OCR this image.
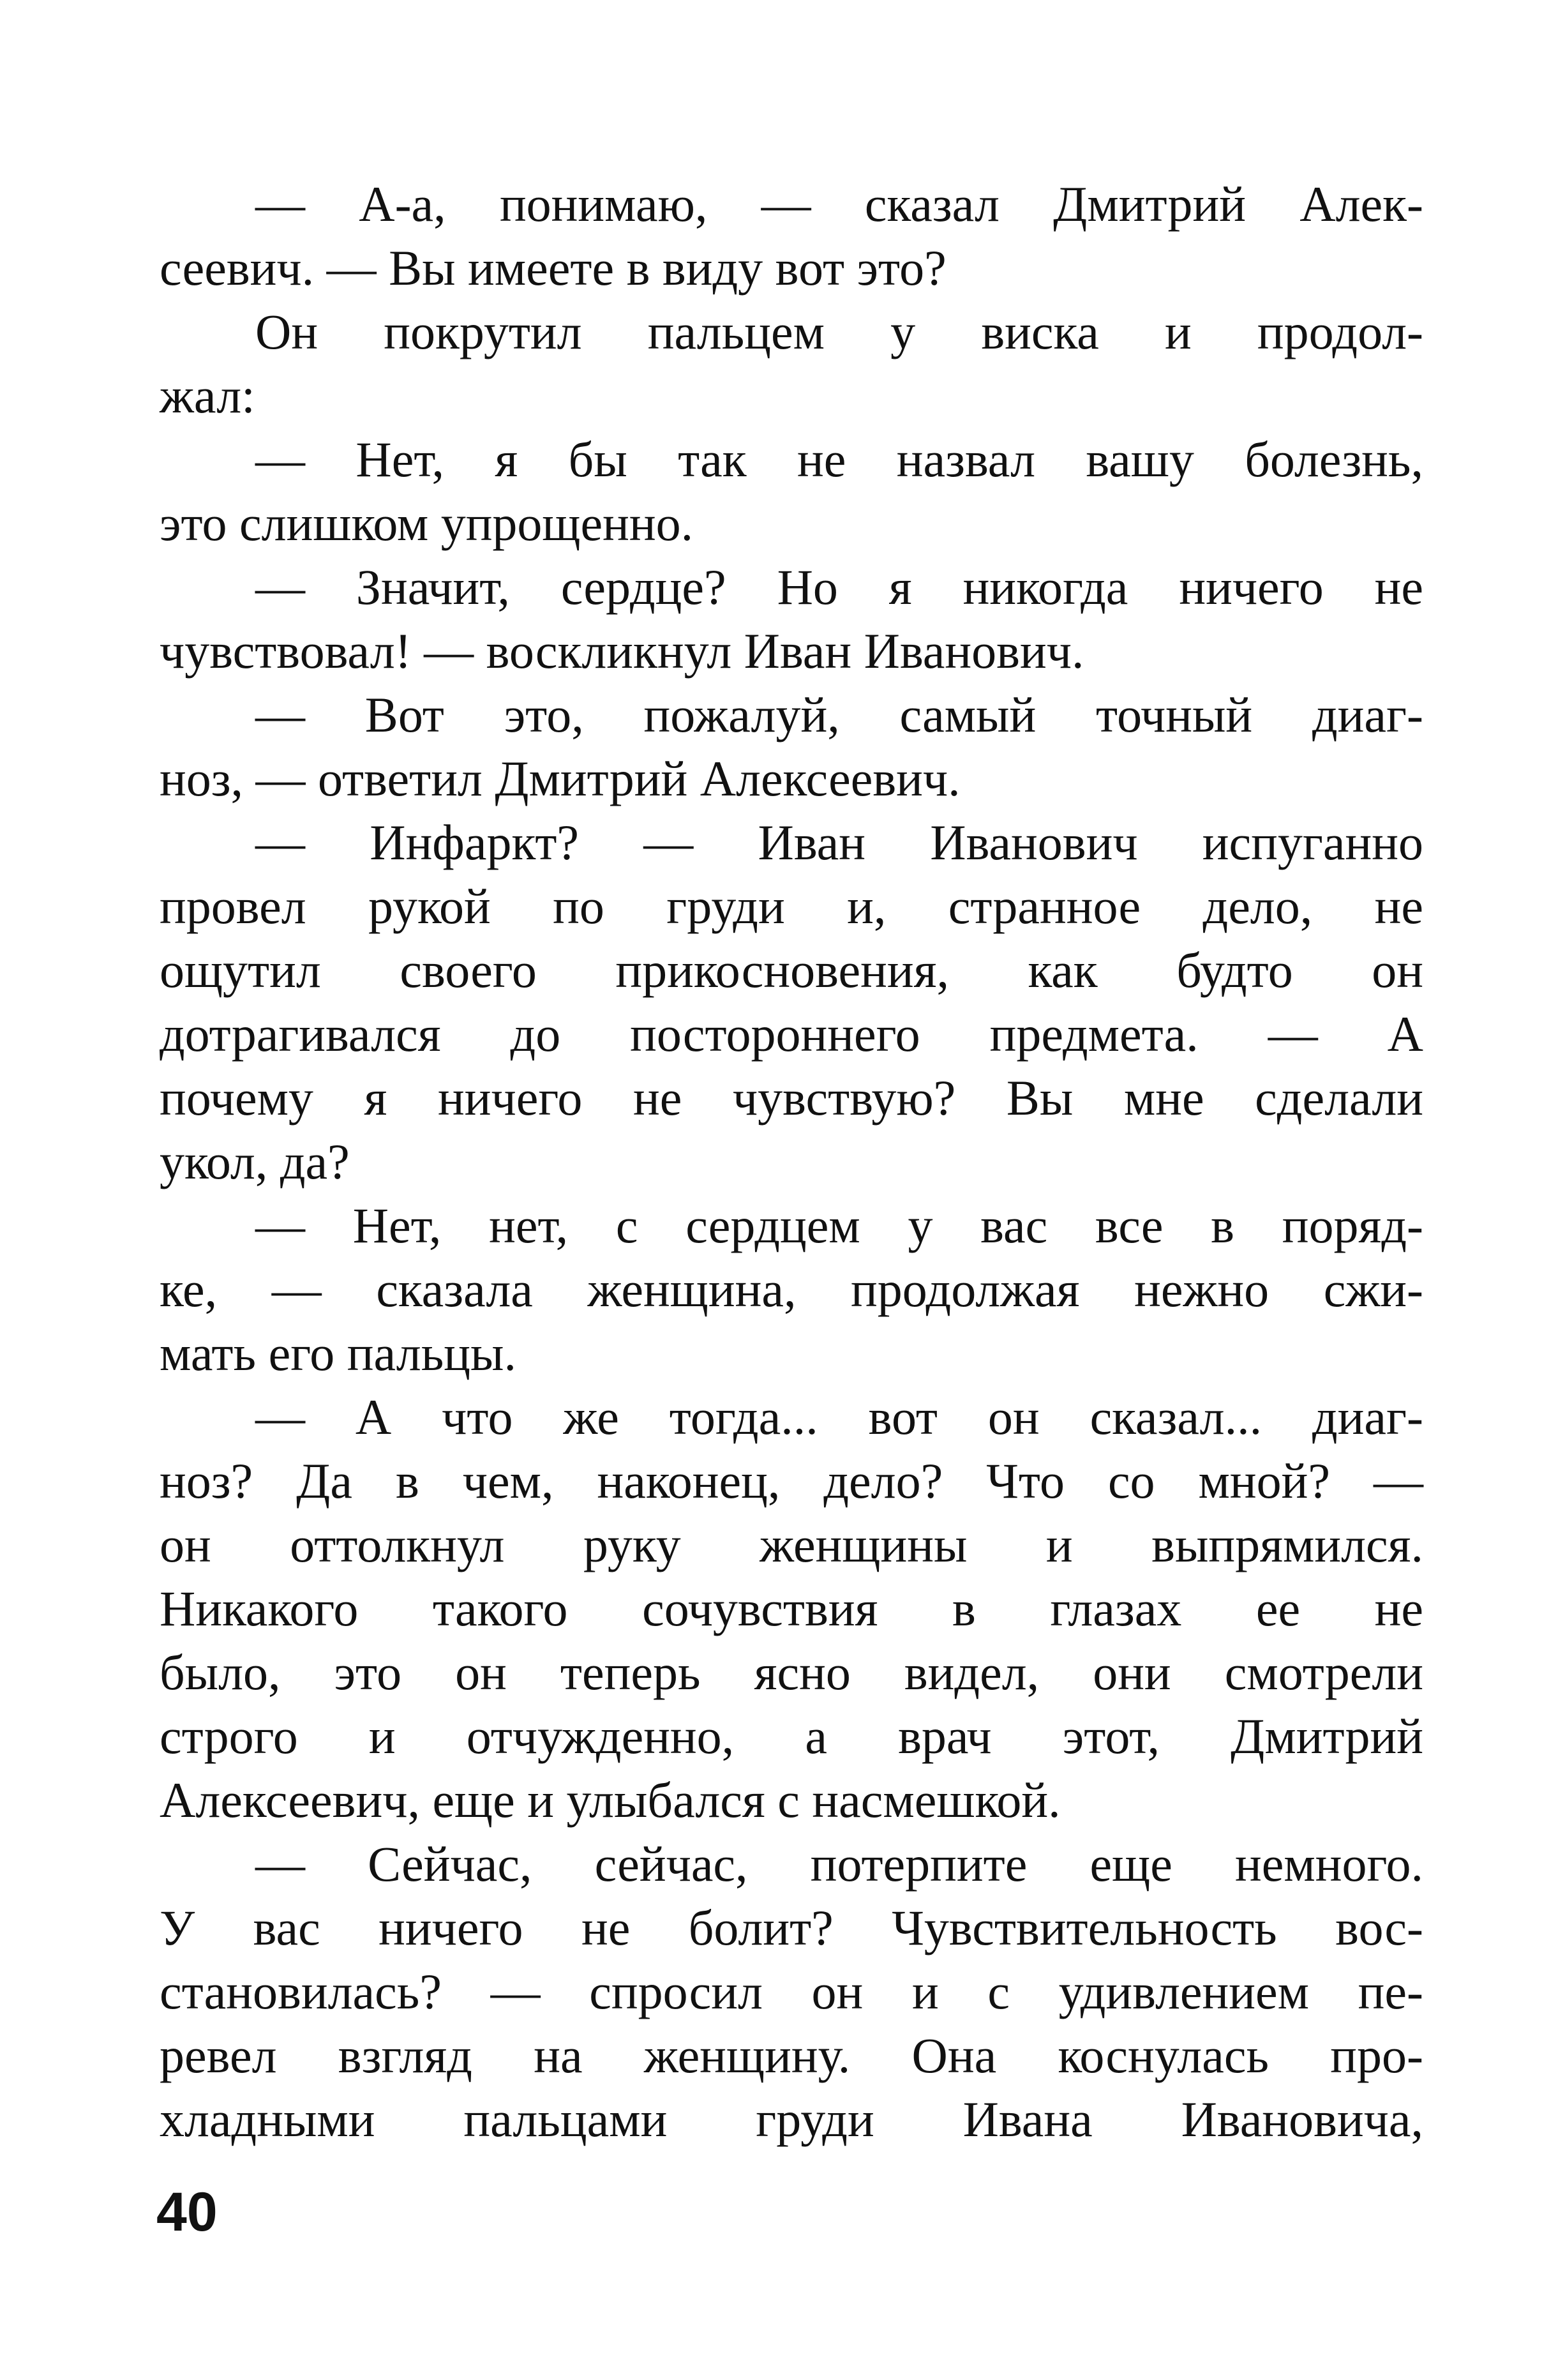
— А-а, понимаю, — сказал Дмитрий Алек-
сеевич. — Вы имеете в виду вот это?
Он покрутил пальцем у виска и продол-
жал:
— Нет, я бы так не назвал вашу болезнь,
это слишком упрощенно.
— Значит, сердце? Но я никогда ничего не
чувствовал! — воскликнул Иван Иванович.
— Вот это, пожалуй, самый точный диаг-
ноз, — ответил Дмитрий Алексеевич.
— Инфаркт? — Иван Иванович испуганно
провел рукой по груди и, странное дело, не
ощутил своего прикосновения, как будто он
дотрагивался до постороннего предмета. — А
почему я ничего не чувствую? Вы мне сделали
укол, да?
— Нет, нет, с сердцем у вас все в поряд-
ке, — сказала женщина, продолжая нежно сжи-
мать его пальцы.
— А что же тогда... вот он сказал... диаг-
ноз? Да в чем, наконец, дело? Что со мной? —
он оттолкнул руку женщины и выпрямился.
Никакого такого сочувствия в глазах ее не
было, это он теперь ясно видел, они смотрели
строго и отчужденно, а врач этот, Дмитрий
Алексеевич, еще и улыбался с насмешкой.
— Сейчас, сейчас, потерпите еще немного.
У вас ничего не болит? Чувствительность вос-
становилась? — спросил он и с удивлением пе-
ревел взгляд на женщину. Она коснулась про-
хладными пальцами груди Ивана Ивановича,
40
